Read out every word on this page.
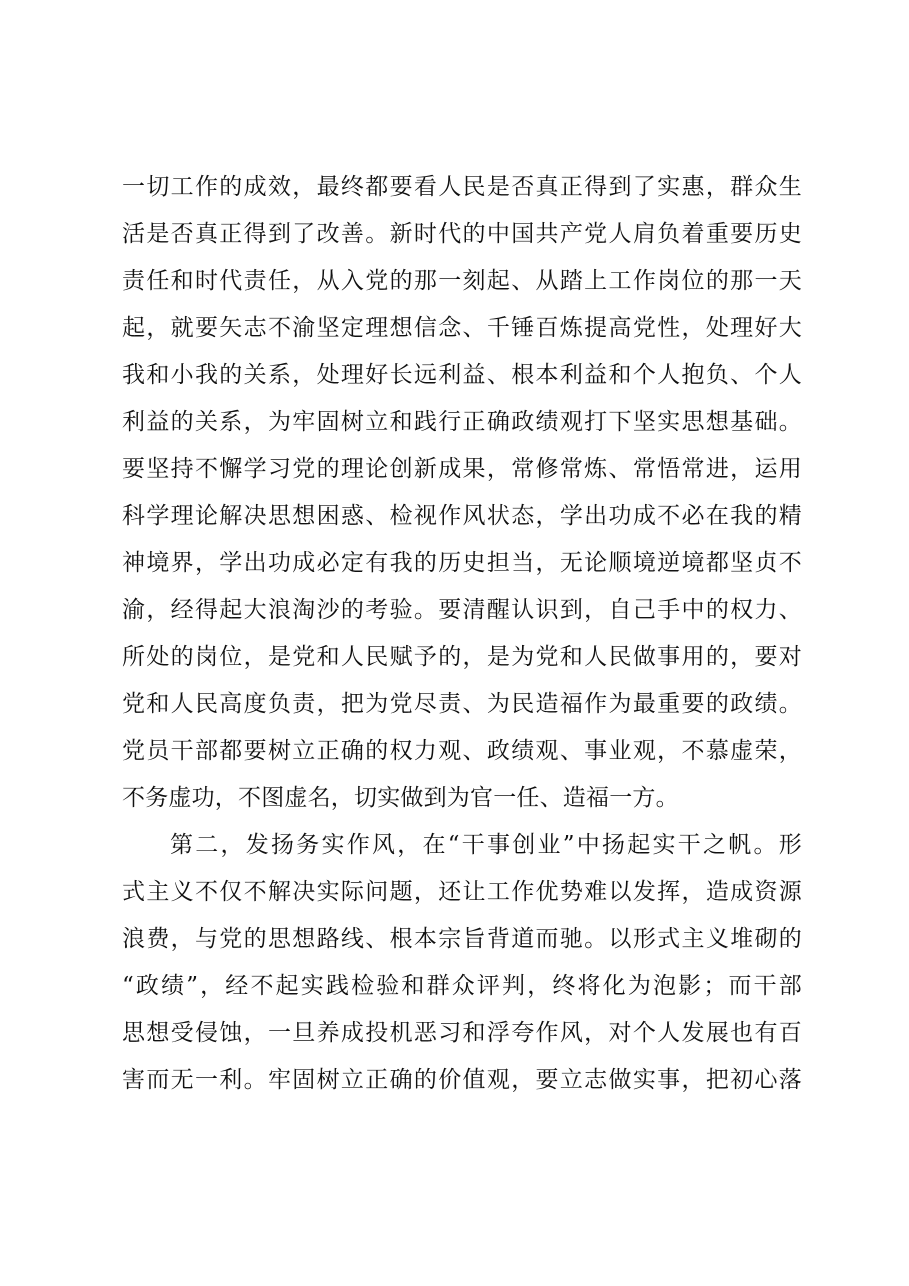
一切工作的成效，最终都要看人民是否真正得到了实惠，群众生
活是否真正得到了改善。新时代的中国共产党人肩负着重要历史
责任和时代责任，从入党的那一刻起、从踏上工作岗位的那一天
起，就要矢志不渝坚定理想信念、千锤百炼提高党性，处理好大
我和小我的关系，处理好长远利益、根本利益和个人抱负、个人
利益的关系，为牢固树立和践行正确政绩观打下坚实思想基础。
要坚持不懈学习党的理论创新成果，常修常炼、常悟常进，运用
科学理论解决思想困惑、检视作风状态，学出功成不必在我的精
神境界，学出功成必定有我的历史担当，无论顺境逆境都坚贞不
渝，经得起大浪淘沙的考验。要清醒认识到，自己手中的权力、
所处的岗位，是党和人民赋予的，是为党和人民做事用的，要对
党和人民高度负责，把为党尽责、为民造福作为最重要的政绩。
党员干部都要树立正确的权力观、政绩观、事业观，不慕虚荣，
不务虚功，不图虚名，切实做到为官一任、造福一方。
第二，发扬务实作风，在“干事创业”中扬起实干之帆。形
式主义不仅不解决实际问题，还让工作优势难以发挥，造成资源
浪费，与党的思想路线、根本宗旨背道而驰。以形式主义堆砌的
“政绩”，经不起实践检验和群众评判，终将化为泡影；而干部
思想受侵蚀，一旦养成投机恶习和浮夸作风，对个人发展也有百
害而无一利。牢固树立正确的价值观，要立志做实事，把初心落
